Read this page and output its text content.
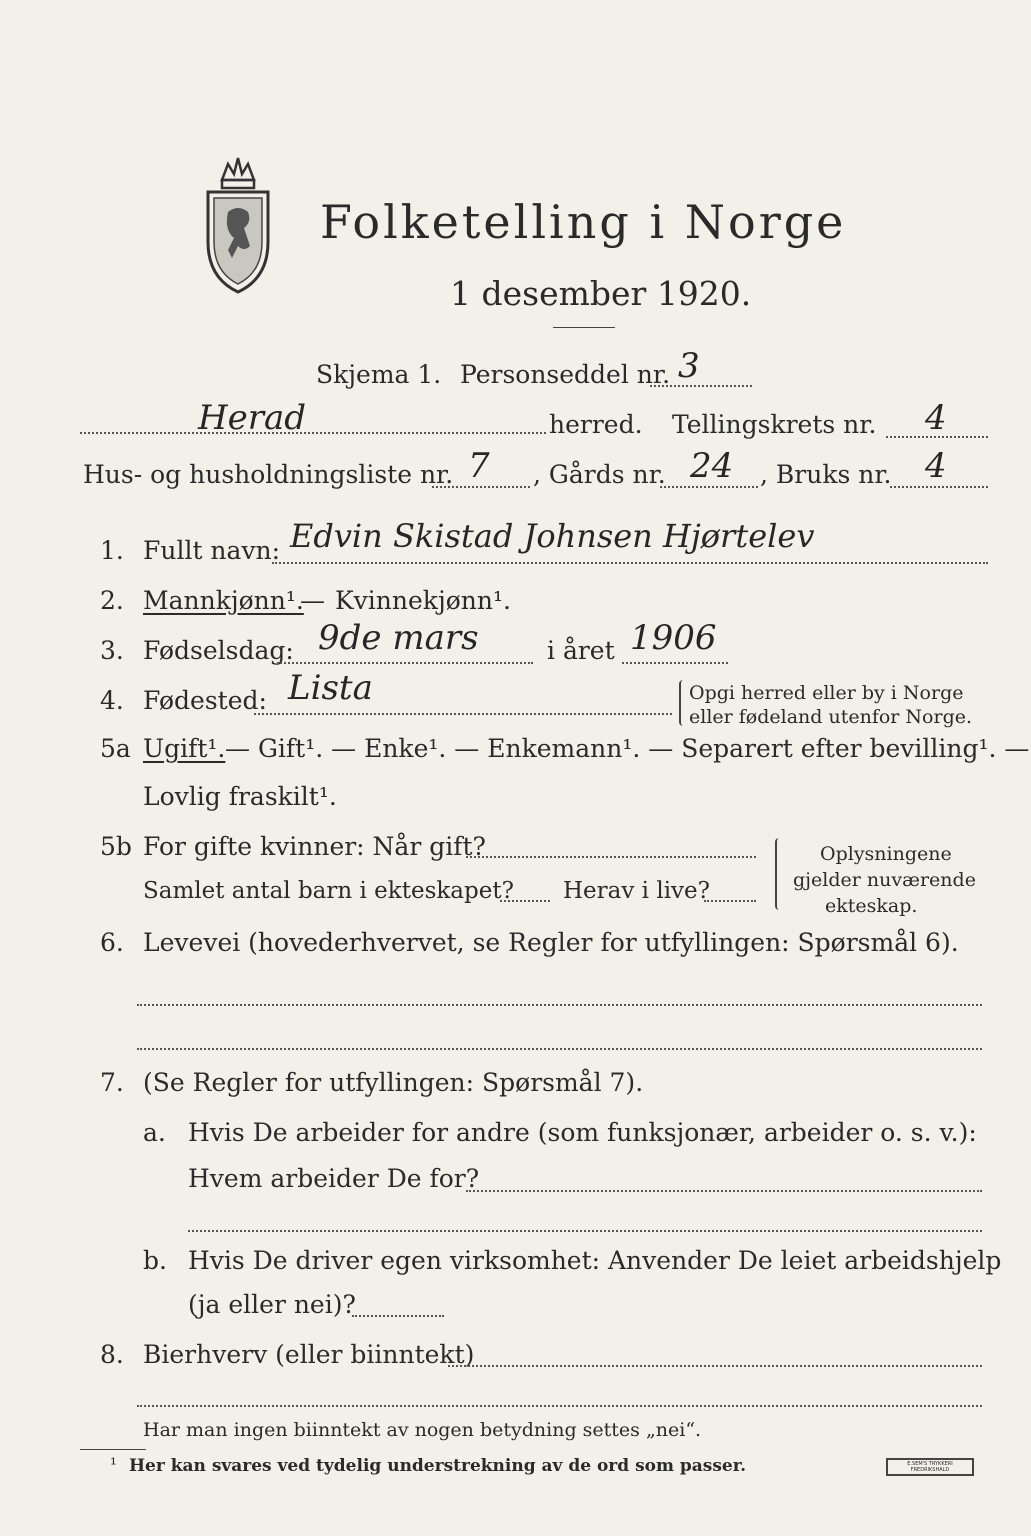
Folketelling i Norge
1 desember 1920.
Skjema 1. Personseddel nr. 3
Herad	herred. Tellingskrets nr. 4
Hus- og husholdningsliste nr. 7 , Gårds nr. 24 , Bruks nr. 4
1. Fullt navn: Edvin Skistad Johnsen Hjørtelev
2. Mannkjønn¹.
— Kvinnekjønn¹.
3. Fødselsdag: 9de mars	i året 1906
4. Fødested: Lista	Opgi herred eller by i Norge
eller fødeland utenfor Norge.
5a Ugift¹. — Gift¹. — Enke¹. — Enkemann¹. — Separert efter bevilling¹. —
Lovlig fraskilt¹.
5b For gifte kvinner: Når gift?
Samlet antal barn i ekteskapet? Herav i live?
Oplysningene
gjelder nuværende
ekteskap.
6. Levevei (hovederhvervet, se Regler for utfyllingen: Spørsmål 6).
7. (Se Regler for utfyllingen: Spørsmål 7).
a. Hvis De arbeider for andre (som funksjonær, arbeider o. s. v.):
Hvem arbeider De for?
b. Hvis De driver egen virksomhet: Anvender De leiet arbeidshjelp
(ja eller nei)?
8. Bierhverv (eller biinntekt)
Har man ingen biinntekt av nogen betydning settes „nei“.
¹ Her kan svares ved tydelig understrekning av de ord som passer.	E.SEM'S TRYKKERI FREDRIKSHALD
